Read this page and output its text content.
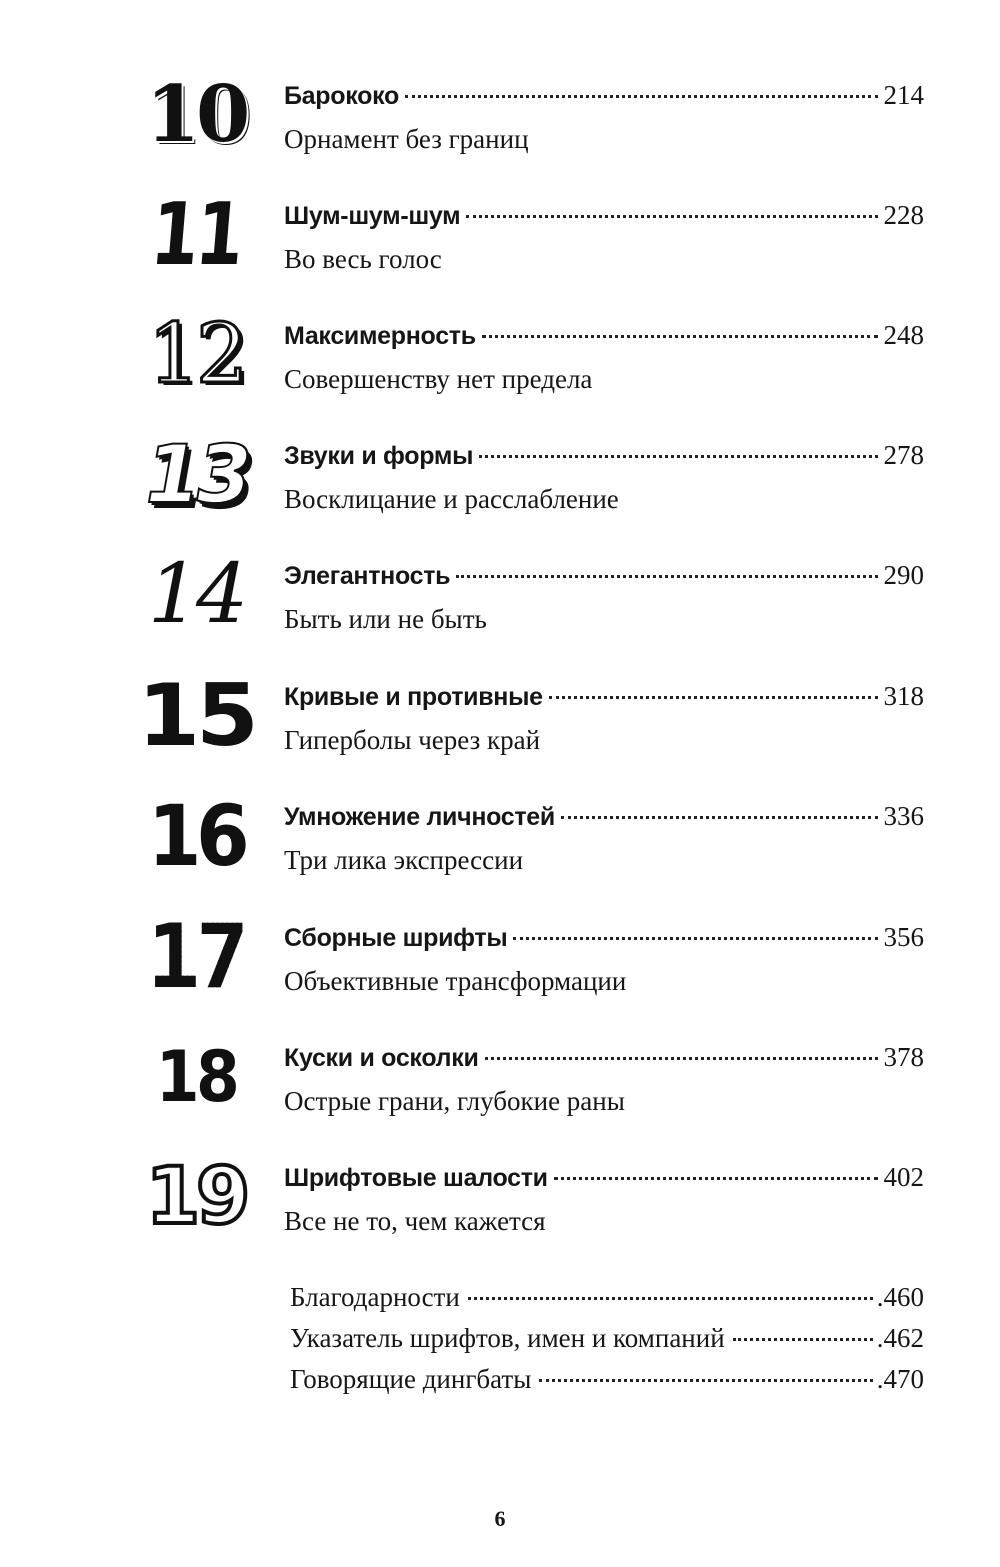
10 Барококо	214
Орнамент без границ
11 Шум-шум-шум	228
Во весь голос
12	Максимерность	248
Совершенству нет предела
13 Звуки и формы	278
Восклицание и расслабление
14	Элегантность	290
Быть или не быть
15 Кривые и противные	318
Гиперболы через край
16 Умножение личностей	336
Три лика экспрессии
17 Сборные шрифты	356
Объективные трансформации
18	Куски и осколки	378
Острые грани, глубокие раны
19 Шрифтовые шалости	402
Все не то, чем кажется
Благодарности	.460
Указатель шрифтов, имен и компаний	.462
Говорящие дингбаты	.470
6
